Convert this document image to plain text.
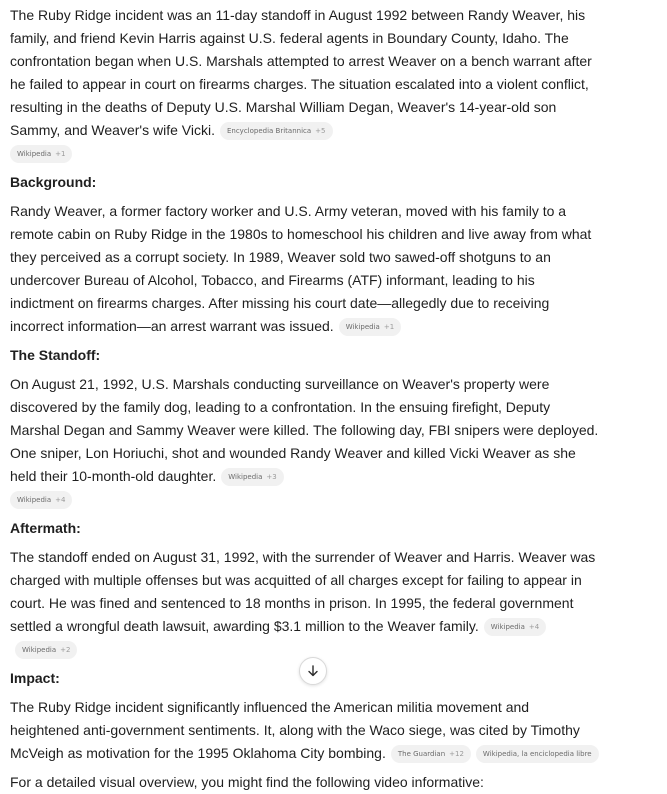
The Ruby Ridge incident was an 11-day standoff in August 1992 between Randy Weaver, his family, and friend Kevin Harris against U.S. federal agents in Boundary County, Idaho. The confrontation began when U.S. Marshals attempted to arrest Weaver on a bench warrant after he failed to appear in court on firearms charges. The situation escalated into a violent conflict, resulting in the deaths of Deputy U.S. Marshal William Degan, Weaver's 14-year-old son Sammy, and Weaver's wife Vicki. Encyclopedia Britannica +5

Wikipedia +1

Background:

Randy Weaver, a former factory worker and U.S. Army veteran, moved with his family to a remote cabin on Ruby Ridge in the 1980s to homeschool his children and live away from what they perceived as a corrupt society. In 1989, Weaver sold two sawed-off shotguns to an undercover Bureau of Alcohol, Tobacco, and Firearms (ATF) informant, leading to his indictment on firearms charges. After missing his court date—allegedly due to receiving incorrect information—an arrest warrant was issued. Wikipedia +1

The Standoff:

On August 21, 1992, U.S. Marshals conducting surveillance on Weaver's property were discovered by the family dog, leading to a confrontation. In the ensuing firefight, Deputy Marshal Degan and Sammy Weaver were killed. The following day, FBI snipers were deployed. One sniper, Lon Horiuchi, shot and wounded Randy Weaver and killed Vicki Weaver as she held their 10-month-old daughter. Wikipedia +3

Wikipedia +4

Aftermath:

The standoff ended on August 31, 1992, with the surrender of Weaver and Harris. Weaver was charged with multiple offenses but was acquitted of all charges except for failing to appear in court. He was fined and sentenced to 18 months in prison. In 1995, the federal government settled a wrongful death lawsuit, awarding $3.1 million to the Weaver family. Wikipedia +4Wikipedia +2

Impact:

The Ruby Ridge incident significantly influenced the American militia movement and heightened anti-government sentiments. It, along with the Waco siege, was cited by Timothy McVeigh as motivation for the 1995 Oklahoma City bombing. The Guardian +12	Wikipedia, la enciclopedia libre

For a detailed visual overview, you might find the following video informative:
